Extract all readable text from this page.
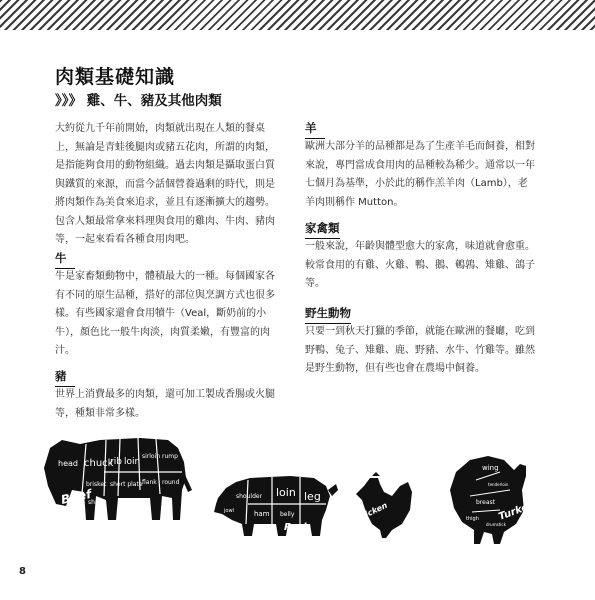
肉類基礎知識
》》》 雞、牛、豬及其他肉類

大約從九千年前開始，肉類就出現在人類的餐桌上，無論是青蛙後腿肉或豬五花肉，所謂的肉類，是指能夠食用的動物組織。過去肉類是攝取蛋白質與鐵質的來源，而當今話個營養過剩的時代，則是將肉類作為美食來追求，並且有逐漸擴大的趨勢。包含人類最常拿來料理與食用的雞肉、牛肉、豬肉等，一起來看看各種食用肉吧。

牛

牛是家畜類動物中，體積最大的一種。每個國家各有不同的原生品種，搭好的部位與烹調方式也很多樣。有些國家還會食用犢牛（Veal，斷奶前的小牛），顏色比一般牛肉淡，肉質柔嫩，有豐富的肉汁。

豬

世界上消費最多的肉類，還可加工製成香腸或火腿等，種類非常多樣。

羊

歐洲大部分羊的品種都是為了生產羊毛而飼養，相對來說，專門當成食用肉的品種較為稀少。通常以一年七個月為基準，小於此的稱作羔羊肉（Lamb），老羊肉則稱作 Mutton。

家禽類

一般來說，年齡與體型愈大的家禽，味道就會愈重。較常食用的有雞、火雞、鴨、鵝、鵪鶉、雉雞、鴿子等。

野生動物

只要一到秋天打獵的季節，就能在歐洲的餐廳，吃到野鴨、兔子、雉雞、鹿、野豬、水牛、竹雞等。雖然是野生動物，但有些也會在農場中飼養。

head chuck
rib loin
sirloin rump
short plate flank round
shank
brisket
Beef	shoulder loin leg
ham belly
jowl
Pork
Chicken
wing
tenderloin
breast
thigh
drumstick
Turkey
8
